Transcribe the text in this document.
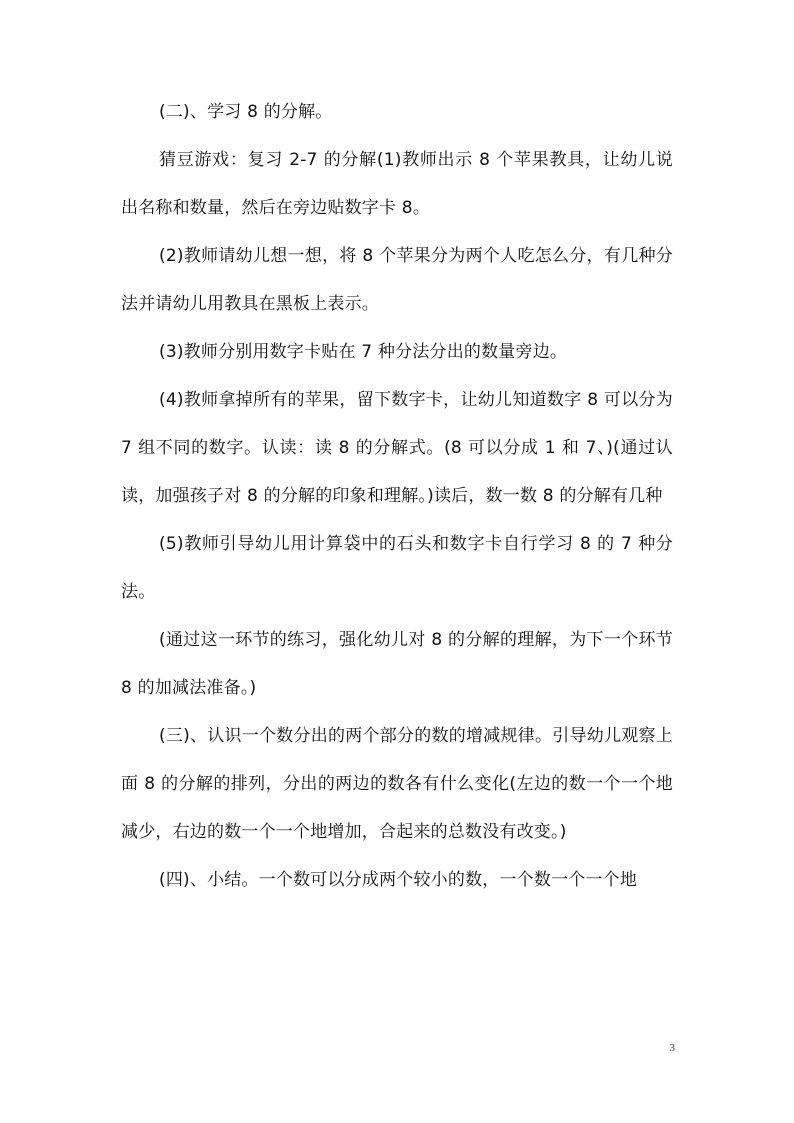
(二)、学习 8 的分解。

猜豆游戏：复习 2-7 的分解(1)教师出示 8 个苹果教具，让幼儿说出名称和数量，然后在旁边贴数字卡 8。

(2)教师请幼儿想一想，将 8 个苹果分为两个人吃怎么分，有几种分法并请幼儿用教具在黑板上表示。

(3)教师分别用数字卡贴在 7 种分法分出的数量旁边。

(4)教师拿掉所有的苹果，留下数字卡，让幼儿知道数字 8 可以分为 7 组不同的数字。认读：读 8 的分解式。(8 可以分成 1 和 7、)(通过认读，加强孩子对 8 的分解的印象和理解。)读后，数一数 8 的分解有几种

(5)教师引导幼儿用计算袋中的石头和数字卡自行学习 8 的 7 种分法。

(通过这一环节的练习，强化幼儿对 8 的分解的理解，为下一个环节 8 的加减法准备。)

(三)、认识一个数分出的两个部分的数的增减规律。引导幼儿观察上面 8 的分解的排列，分出的两边的数各有什么变化(左边的数一个一个地减少，右边的数一个一个地增加，合起来的总数没有改变。)

(四)、小结。一个数可以分成两个较小的数，一个数一个一个地

3
